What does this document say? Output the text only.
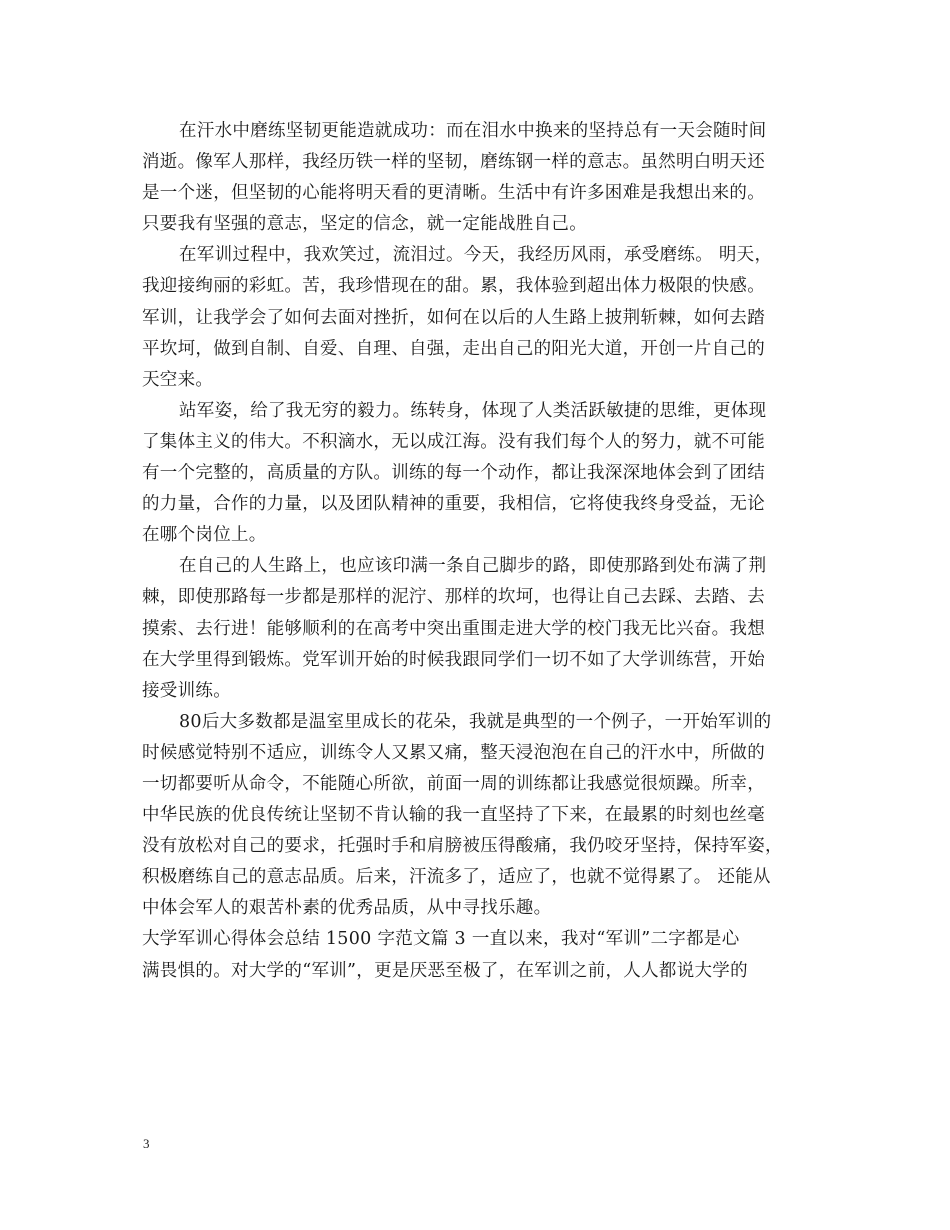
在汗水中磨练坚韧更能造就成功：而在泪水中换来的坚持总有一天会随时间
消逝。像军人那样，我经历铁一样的坚韧，磨练钢一样的意志。虽然明白明天还
是一个迷，但坚韧的心能将明天看的更清晰。生活中有许多困难是我想出来的。
只要我有坚强的意志，坚定的信念，就一定能战胜自己。
在军训过程中，我欢笑过，流泪过。今天，我经历风雨，承受磨练。 明天，
我迎接绚丽的彩虹。苦，我珍惜现在的甜。累，我体验到超出体力极限的快感。
军训，让我学会了如何去面对挫折，如何在以后的人生路上披荆斩棘，如何去踏
平坎坷，做到自制、自爱、自理、自强，走出自己的阳光大道，开创一片自己的
天空来。
站军姿，给了我无穷的毅力。练转身，体现了人类活跃敏捷的思维，更体现
了集体主义的伟大。不积滴水，无以成江海。没有我们每个人的努力，就不可能
有一个完整的，高质量的方队。训练的每一个动作，都让我深深地体会到了团结
的力量，合作的力量，以及团队精神的重要，我相信，它将使我终身受益，无论
在哪个岗位上。
在自己的人生路上，也应该印满一条自己脚步的路，即使那路到处布满了荆
棘，即使那路每一步都是那样的泥泞、那样的坎坷，也得让自己去踩、去踏、去
摸索、去行进！能够顺利的在高考中突出重围走进大学的校门我无比兴奋。我想
在大学里得到锻炼。党军训开始的时候我跟同学们一切不如了大学训练营，开始
接受训练。
80后大多数都是温室里成长的花朵，我就是典型的一个例子，一开始军训的
时候感觉特别不适应，训练令人又累又痛，整天浸泡泡在自己的汗水中，所做的
一切都要听从命令，不能随心所欲，前面一周的训练都让我感觉很烦躁。所幸，
中华民族的优良传统让坚韧不肯认输的我一直坚持了下来，在最累的时刻也丝毫
没有放松对自己的要求，托强时手和肩膀被压得酸痛，我仍咬牙坚持，保持军姿，
积极磨练自己的意志品质。后来，汗流多了，适应了，也就不觉得累了。 还能从
中体会军人的艰苦朴素的优秀品质，从中寻找乐趣。
大学军训心得体会总结 1500 字范文篇 3 一直以来，我对“军训”二字都是心
满畏惧的。对大学的“军训”，更是厌恶至极了，在军训之前，人人都说大学的
3
